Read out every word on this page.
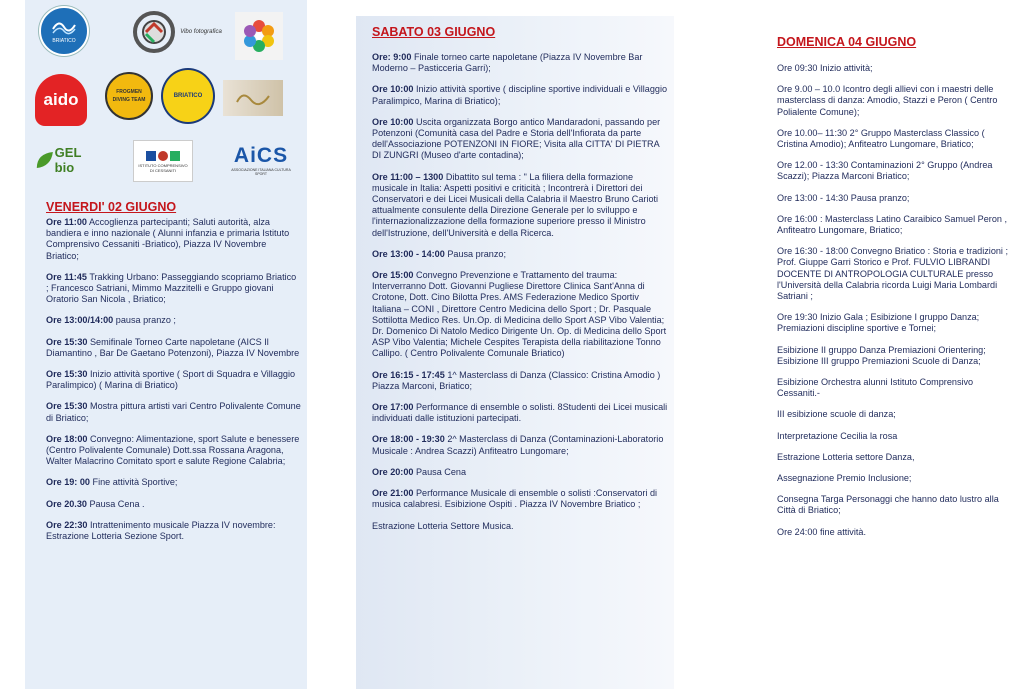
BRIATICO
Vibo fotografica
aido	FROGMEN DIVING TEAM
BRIATICO
GEL bio	ISTITUTO COMPRENSIVO DI CESSANITI
AiCS
ASSOCIAZIONE ITALIANA CULTURA SPORT
VENERDI' 02 GIUGNO
Ore 11:00 Accoglienza partecipanti; Saluti autorità, alza bandiera e inno nazionale ( Alunni infanzia e primaria Istituto Comprensivo Cessaniti -Briatico), Piazza IV Novembre Briatico;
Ore 11:45 Trakking Urbano: Passeggiando scopriamo Briatico ; Francesco Satriani, Mimmo Mazzitelli e Gruppo giovani Oratorio San Nicola , Briatico;
Ore 13:00/14:00 pausa pranzo ;
Ore 15:30 Semifinale Torneo Carte napoletane (AICS Il Diamantino , Bar De Gaetano Potenzoni), Piazza IV Novembre
Ore 15:30 Inizio attività sportive ( Sport di Squadra e Villaggio Paralimpico) ( Marina di Briatico)
Ore 15:30 Mostra pittura artisti vari Centro Polivalente Comune di Briatico;
Ore 18:00 Convegno: Alimentazione, sport Salute e benessere (Centro Polivalente Comunale) Dott.ssa Rossana Aragona, Walter Malacrino Comitato sport e salute Regione Calabria;
Ore 19: 00 Fine attività Sportive;
Ore 20.30 Pausa Cena .
Ore 22:30 Intrattenimento musicale Piazza IV novembre: Estrazione Lotteria Sezione Sport.
SABATO 03 GIUGNO
Ore: 9:00 Finale torneo carte napoletane (Piazza IV Novembre Bar Moderno – Pasticceria Garri);
Ore 10:00 Inizio attività sportive ( discipline sportive individuali e Villaggio Paralimpico, Marina di Briatico);
Ore 10:00 Uscita organizzata Borgo antico Mandaradoni, passando per Potenzoni (Comunità casa del Padre e Storia dell'Infiorata da parte dell'Associazione POTENZONI IN FIORE; Visita alla CITTA' DI PIETRA DI ZUNGRI (Museo d'arte contadina);
Ore 11:00 – 1300 Dibattito sul tema : " La filiera della formazione musicale in Italia: Aspetti positivi e criticità ; Incontrerà i Direttori dei Conservatori e dei Licei Musicali della Calabria il Maestro Bruno Carioti attualmente consulente della Direzione Generale per lo sviluppo e l'internazionalizzazione della formazione superiore presso il Ministro dell'Istruzione, dell'Università e della Ricerca.
Ore 13:00 - 14:00 Pausa pranzo;
Ore 15:00 Convegno Prevenzione e Trattamento del trauma: Interverranno Dott. Giovanni Pugliese Direttore Clinica Sant'Anna di Crotone, Dott. Cino Bilotta Pres. AMS Federazione Medico Sportiv Italiana – CONI , Direttore Centro Medicina dello Sport ; Dr. Pasquale Sottilotta Medico Res. Un.Op. di Medicina dello Sport ASP Vibo Valentia; Dr. Domenico Di Natolo Medico Dirigente Un. Op. di Medicina dello Sport ASP Vibo Valentia; Michele Cespites Terapista della riabilitazione Tonno Callipo. ( Centro Polivalente Comunale Briatico)
Ore 16:15 - 17:45 1^ Masterclass di Danza (Classico: Cristina Amodio ) Piazza Marconi, Briatico;
Ore 17:00 Performance di ensemble o solisti. 8Studenti dei Licei musicali individuati dalle istituzioni partecipati.
Ore 18:00 - 19:30 2^ Masterclass di Danza (Contaminazioni-Laboratorio Musicale : Andrea Scazzi) Anfiteatro Lungomare;
Ore 20:00 Pausa Cena
Ore 21:00 Performance Musicale di ensemble o solisti :Conservatori di musica calabresi. Esibizione Ospiti . Piazza IV Novembre Briatico ;
Estrazione Lotteria Settore Musica.
DOMENICA 04 GIUGNO
Ore 09:30 Inizio attività;
Ore 9.00 – 10.0 Icontro degli allievi con i maestri delle masterclass di danza: Amodio, Stazzi e Peron ( Centro Polialente Comune);
Ore 10.00– 11:30 2° Gruppo Masterclass Classico ( Cristina Amodio); Anfiteatro Lungomare, Briatico;
Ore 12.00 - 13:30 Contaminazioni 2° Gruppo (Andrea Scazzi); Piazza Marconi Briatico;
Ore 13:00 - 14:30 Pausa pranzo;
Ore 16:00 : Masterclass Latino Caraibico Samuel Peron , Anfiteatro Lungomare, Briatico;
Ore 16:30 - 18:00 Convegno Briatico : Storia e tradizioni ; Prof. Giuppe Garri Storico e Prof. FULVIO LIBRANDI DOCENTE DI ANTROPOLOGIA CULTURALE presso l'Università della Calabria ricorda Luigi Maria Lombardi Satriani ;
Ore 19:30 Inizio Gala ; Esibizione I gruppo Danza; Premiazioni discipline sportive e Tornei;
Esibizione II gruppo Danza Premiazioni Orientering; Esibizione III gruppo Premiazioni Scuole di Danza;
Esibizione Orchestra alunni Istituto Comprensivo Cessaniti.-
III esibizione scuole di danza;
Interpretazione Cecilia la rosa
Estrazione Lotteria settore Danza,
Assegnazione Premio Inclusione;
Consegna Targa Personaggi che hanno dato lustro alla Città di Briatico;
Ore 24:00 fine attività.
